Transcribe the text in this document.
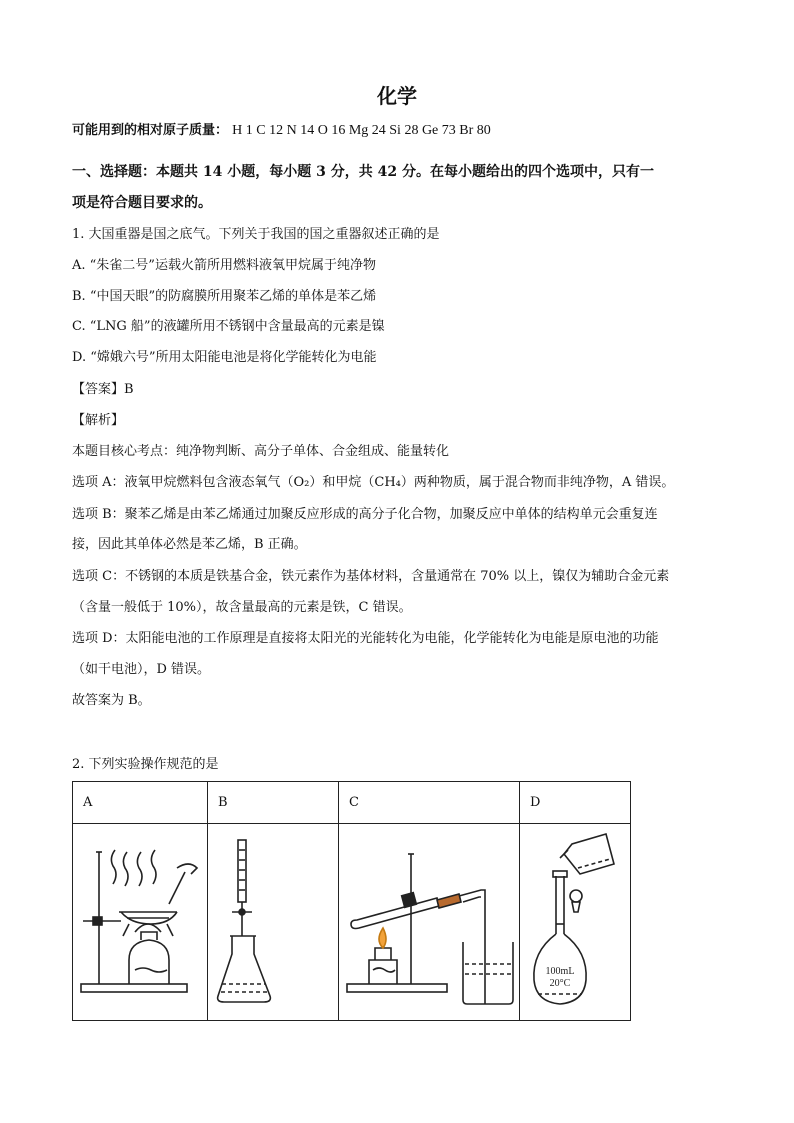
化学
可能用到的相对原子质量： H 1 C 12 N 14 O 16 Mg 24 Si 28 Ge 73 Br 80
一、选择题：本题共 14 小题，每小题 3 分，共 42 分。在每小题给出的四个选项中，只有一
项是符合题目要求的。
1. 大国重器是国之底气。下列关于我国的国之重器叙述正确的是
A. “朱雀二号”运载火箭所用燃料液氧甲烷属于纯净物
B. “中国天眼”的防腐膜所用聚苯乙烯的单体是苯乙烯
C. “LNG 船”的液罐所用不锈钢中含量最高的元素是镍
D. “嫦娥六号”所用太阳能电池是将化学能转化为电能
【答案】B
【解析】
本题目核心考点：纯净物判断、高分子单体、合金组成、能量转化
选项 A：液氧甲烷燃料包含液态氧气（O₂）和甲烷（CH₄）两种物质，属于混合物而非纯净物，A 错误。
选项 B：聚苯乙烯是由苯乙烯通过加聚反应形成的高分子化合物，加聚反应中单体的结构单元会重复连
接，因此其单体必然是苯乙烯，B 正确。
选项 C：不锈钢的本质是铁基合金，铁元素作为基体材料，含量通常在 70% 以上，镍仅为辅助合金元素
（含量一般低于 10%），故含量最高的元素是铁，C 错误。
选项 D：太阳能电池的工作原理是直接将太阳光的光能转化为电能，化学能转化为电能是原电池的功能
（如干电池），D 错误。
故答案为 B。
2. 下列实验操作规范的是
A	B	C	D

100mL
20°C
